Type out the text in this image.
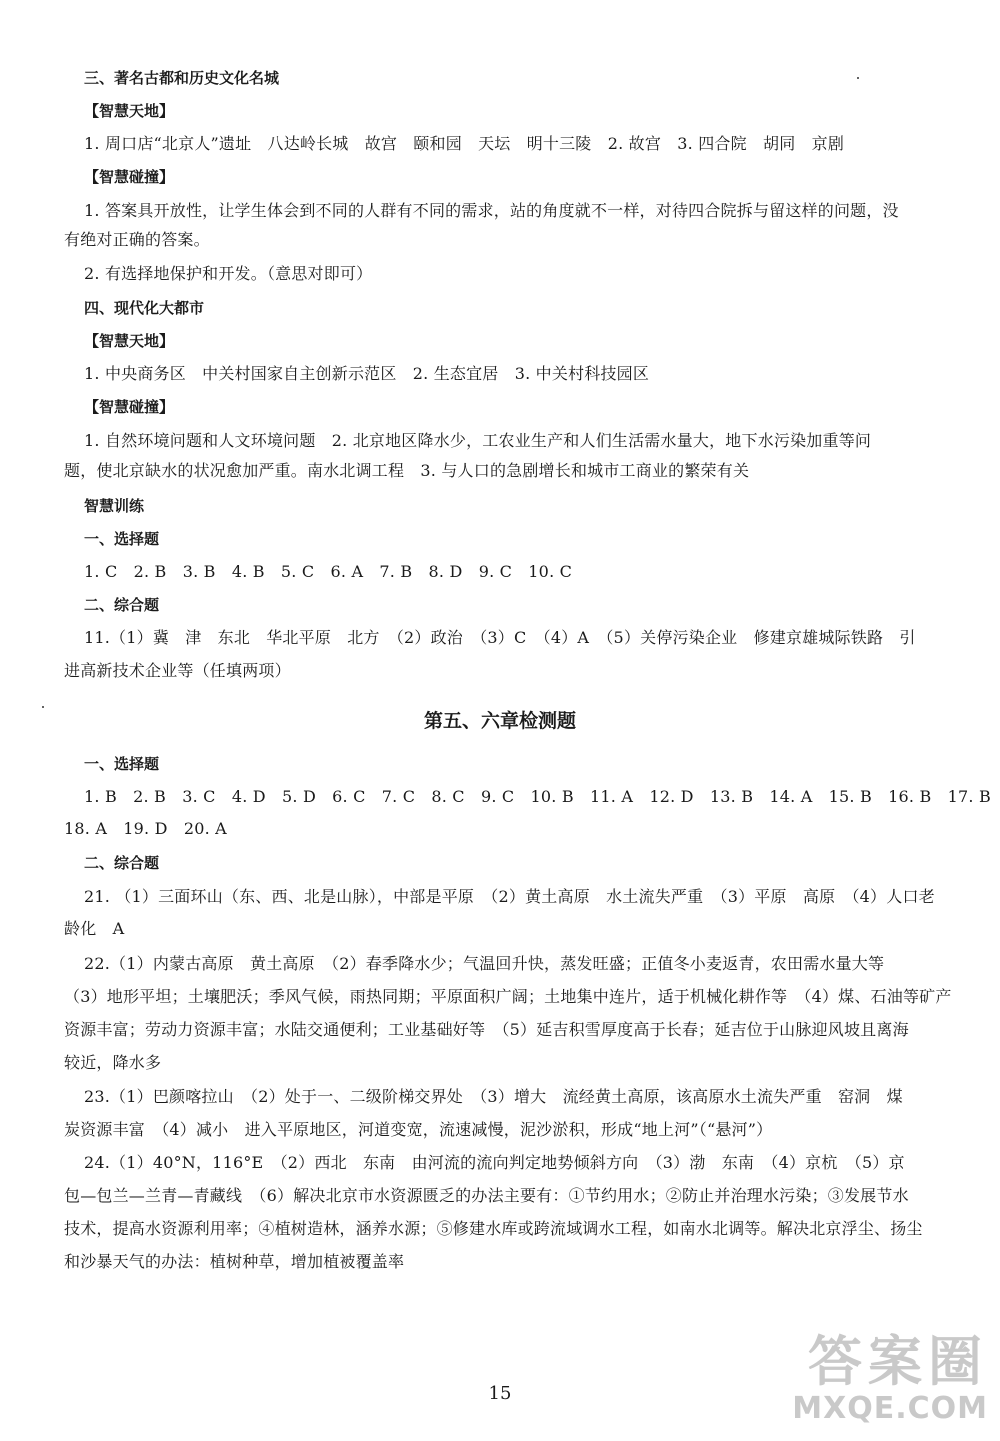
三、著名古都和历史文化名城
【智慧天地】
1. 周口店“北京人”遗址　八达岭长城　故宫　颐和园　天坛　明十三陵　2. 故宫　3. 四合院　胡同　京剧
【智慧碰撞】
1. 答案具开放性，让学生体会到不同的人群有不同的需求，站的角度就不一样，对待四合院拆与留这样的问题，没
有绝对正确的答案。
2. 有选择地保护和开发。（意思对即可）
四、现代化大都市
【智慧天地】
1. 中央商务区　中关村国家自主创新示范区　2. 生态宜居　3. 中关村科技园区
【智慧碰撞】
1. 自然环境问题和人文环境问题　2. 北京地区降水少，工农业生产和人们生活需水量大，地下水污染加重等问
题，使北京缺水的状况愈加严重。南水北调工程　3. 与人口的急剧增长和城市工商业的繁荣有关
智慧训练
一、选择题
1. C　2. B　3. B　4. B　5. C　6. A　7. B　8. D　9. C　10. C
二、综合题
11.（1）冀　津　东北　华北平原　北方　（2）政治　（3）C　（4）A　（5）关停污染企业　修建京雄城际铁路　引
进高新技术企业等（任填两项）
第五、六章检测题
一、选择题
1. B　2. B　3. C　4. D　5. D　6. C　7. C　8. C　9. C　10. B　11. A　12. D　13. B　14. A　15. B　16. B　17. B
18. A　19. D　20. A
二、综合题
21. （1）三面环山（东、西、北是山脉），中部是平原　（2）黄土高原　水土流失严重　（3）平原　高原　（4）人口老
龄化　A
22.（1）内蒙古高原　黄土高原　（2）春季降水少；气温回升快，蒸发旺盛；正值冬小麦返青，农田需水量大等
（3）地形平坦；土壤肥沃；季风气候，雨热同期；平原面积广阔；土地集中连片，适于机械化耕作等　（4）煤、石油等矿产
资源丰富；劳动力资源丰富；水陆交通便利；工业基础好等　（5）延吉积雪厚度高于长春；延吉位于山脉迎风坡且离海
较近，降水多
23.（1）巴颜喀拉山　（2）处于一、二级阶梯交界处　（3）增大　流经黄土高原，该高原水土流失严重　窑洞　煤
炭资源丰富　（4）减小　进入平原地区，河道变宽，流速减慢，泥沙淤积，形成“地上河”（“悬河”）
24.（1）40°N，116°E　（2）西北　东南　由河流的流向判定地势倾斜方向　（3）渤　东南　（4）京杭　（5）京
包—包兰—兰青—青藏线　（6）解决北京市水资源匮乏的办法主要有：①节约用水；②防止并治理水污染；③发展节水
技术，提高水资源利用率；④植树造林，涵养水源；⑤修建水库或跨流域调水工程，如南水北调等。解决北京浮尘、扬尘
和沙暴天气的办法：植树种草，增加植被覆盖率
15
答案圈
MXQE.COM
